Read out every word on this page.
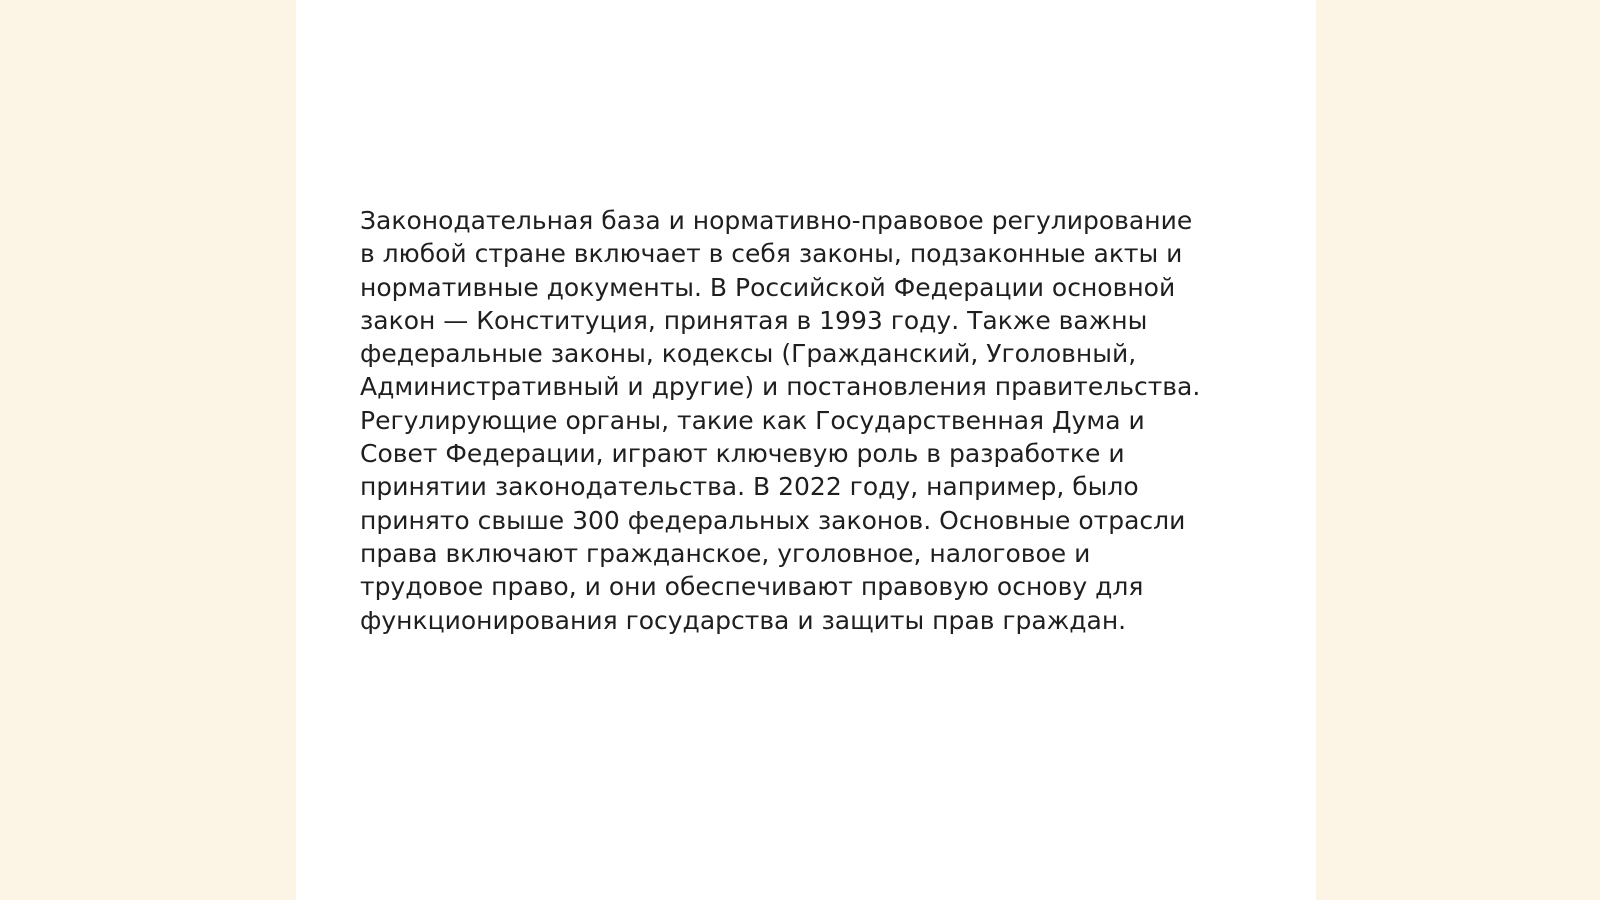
Законодательная база и нормативно-правовое регулирование
в любой стране включает в себя законы, подзаконные акты и
нормативные документы. В Российской Федерации основной
закон — Конституция, принятая в 1993 году. Также важны
федеральные законы, кодексы (Гражданский, Уголовный,
Административный и другие) и постановления правительства.
Регулирующие органы, такие как Государственная Дума и
Совет Федерации, играют ключевую роль в разработке и
принятии законодательства. В 2022 году, например, было
принято свыше 300 федеральных законов. Основные отрасли
права включают гражданское, уголовное, налоговое и
трудовое право, и они обеспечивают правовую основу для
функционирования государства и защиты прав граждан.
